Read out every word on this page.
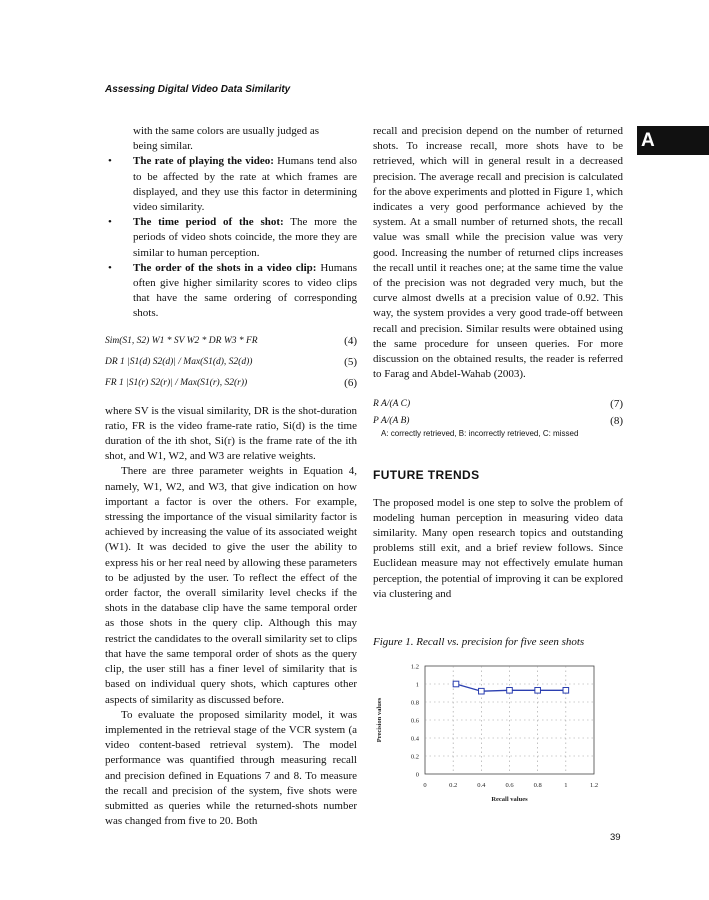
Assessing Digital Video Data Similarity
A

with the same colors are usually judged as
being similar.

• The rate of playing the video: Humans tend also to be affected by the rate at which frames are displayed, and they use this factor in determining video similarity.

• The time period of the shot: The more the periods of video shots coincide, the more they are similar to human perception.

• The order of the shots in a video clip: Humans often give higher similarity scores to video clips that have the same ordering of corresponding shots.

Sim(S1, S2) W1 * SV W2 * DR W3 * FR	(4)

DR 1 |S1(d) S2(d)| / Max(S1(d), S2(d))	(5)

FR 1 |S1(r) S2(r)| / Max(S1(r), S2(r))	(6)

where SV is the visual similarity, DR is the shot-duration ratio, FR is the video frame-rate ratio, Si(d) is the time duration of the ith shot, Si(r) is the frame rate of the ith shot, and W1, W2, and W3 are relative weights.

There are three parameter weights in Equation 4, namely, W1, W2, and W3, that give indication on how important a factor is over the others. For example, stressing the importance of the visual similarity factor is achieved by increasing the value of its associated weight (W1). It was decided to give the user the ability to express his or her real need by allowing these parameters to be adjusted by the user. To reflect the effect of the order factor, the overall similarity level checks if the shots in the database clip have the same temporal order as those shots in the query clip. Although this may restrict the candidates to the overall similarity set to clips that have the same temporal order of shots as the query clip, the user still has a finer level of similarity that is based on individual query shots, which captures other aspects of similarity as discussed before.

To evaluate the proposed similarity model, it was implemented in the retrieval stage of the VCR system (a video content-based retrieval system). The model performance was quantified through measuring recall and precision defined in Equations 7 and 8. To measure the recall and precision of the system, five shots were submitted as queries while the returned-shots number was changed from five to 20. Both

recall and precision depend on the number of returned shots. To increase recall, more shots have to be retrieved, which will in general result in a decreased precision. The average recall and precision is calculated for the above experiments and plotted in Figure 1, which indicates a very good performance achieved by the system. At a small number of returned shots, the recall value was small while the precision value was very good. Increasing the number of returned clips increases the recall until it reaches one; at the same time the value of the precision was not degraded very much, but the curve almost dwells at a precision value of 0.92. This way, the system provides a very good trade-off between recall and precision. Similar results were obtained using the same procedure for unseen queries. For more discussion on the obtained results, the reader is referred to Farag and Abdel-Wahab (2003).

R A/(A C)	(7)

P A/(A B)	(8)

A: correctly retrieved, B: incorrectly retrieved, C: missed

FUTURE TRENDS

The proposed model is one step to solve the problem of modeling human perception in measuring video data similarity. Many open research topics and outstanding problems still exit, and a brief review follows. Since Euclidean measure may not effectively emulate human perception, the potential of improving it can be explored via clustering and

Figure 1. Recall vs. precision for five seen shots
0	0.2	0.4	0.6	0.8	1	1.2
0
0.2
0.4
0.6
0.8
1
1.2
Recall values
Precision values
39
